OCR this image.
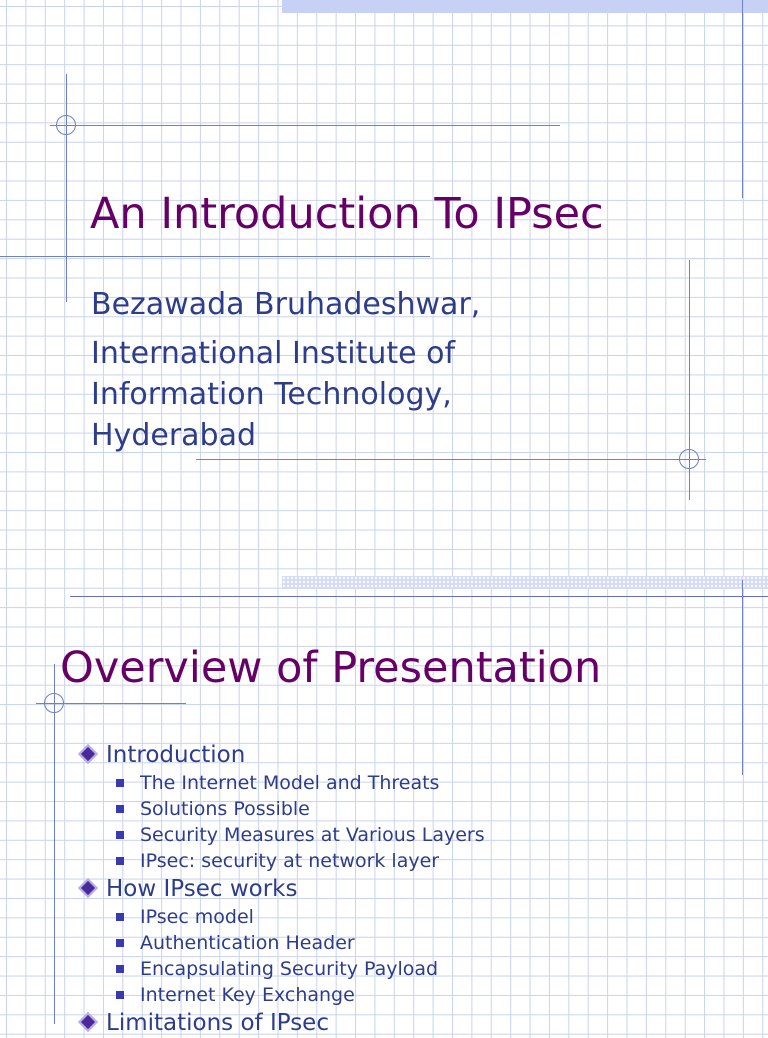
An Introduction To IPsec

Bezawada Bruhadeshwar,

International Institute of Information Technology, Hyderabad

Overview of Presentation
Introduction
The Internet Model and Threats
Solutions Possible
Security Measures at Various Layers
IPsec: security at network layer
How IPsec works
IPsec model
Authentication Header
Encapsulating Security Payload
Internet Key Exchange
Limitations of IPsec
